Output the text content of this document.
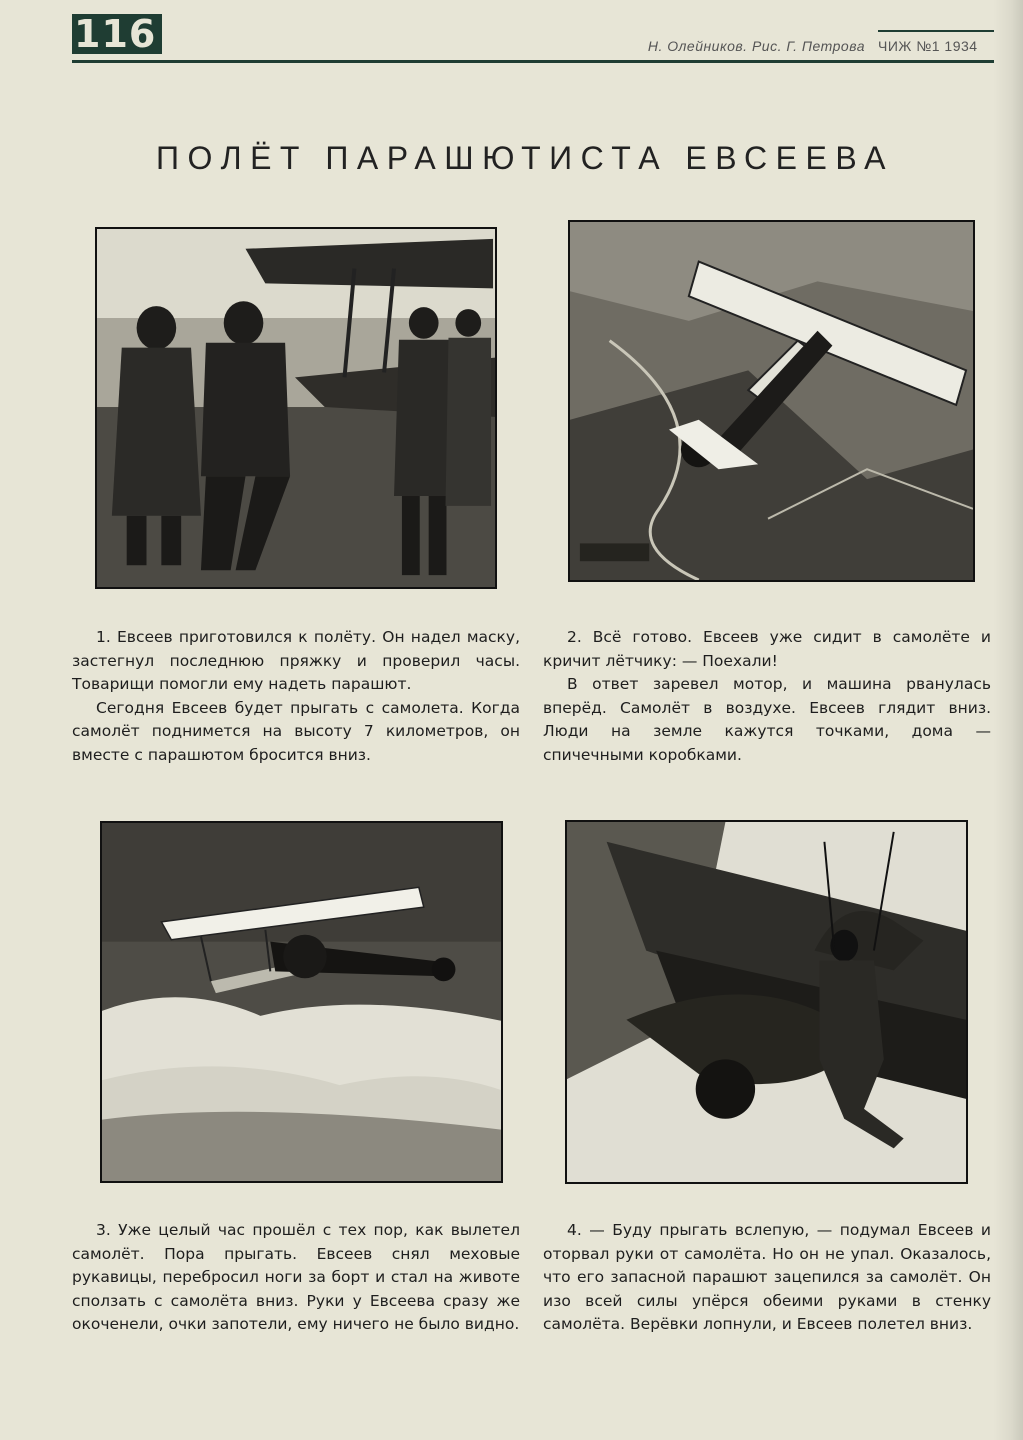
116	Н. Олейников. Рис. Г. Петрова ЧИЖ №1 1934
ПОЛЁТ ПАРАШЮТИСТА ЕВСЕЕВА

1. Евсеев приготовился к полёту. Он надел маску, застегнул последнюю пряжку и проверил часы. Товарищи помогли ему надеть парашют.

Сегодня Евсеев будет прыгать с самолета. Когда самолёт поднимется на высоту 7 километров, он вместе с парашютом бросится вниз.

2. Всё готово. Евсеев уже сидит в самолёте и кричит лётчику: — Поехали!

В ответ заревел мотор, и машина рванулась вперёд. Самолёт в воздухе. Евсеев глядит вниз. Люди на земле кажутся точками, дома — спичечными коробками.

3. Уже целый час прошёл с тех пор, как вылетел самолёт. Пора прыгать. Евсеев снял меховые рукавицы, перебросил ноги за борт и стал на животе сползать с самолёта вниз. Руки у Евсеева сразу же окоченели, очки запотели, ему ничего не было видно.

4. — Буду прыгать вслепую, — подумал Евсеев и оторвал руки от самолёта. Но он не упал. Оказалось, что его запасной парашют зацепился за самолёт. Он изо всей силы упёрся обеими руками в стенку самолёта. Верёвки лопнули, и Евсеев полетел вниз.
